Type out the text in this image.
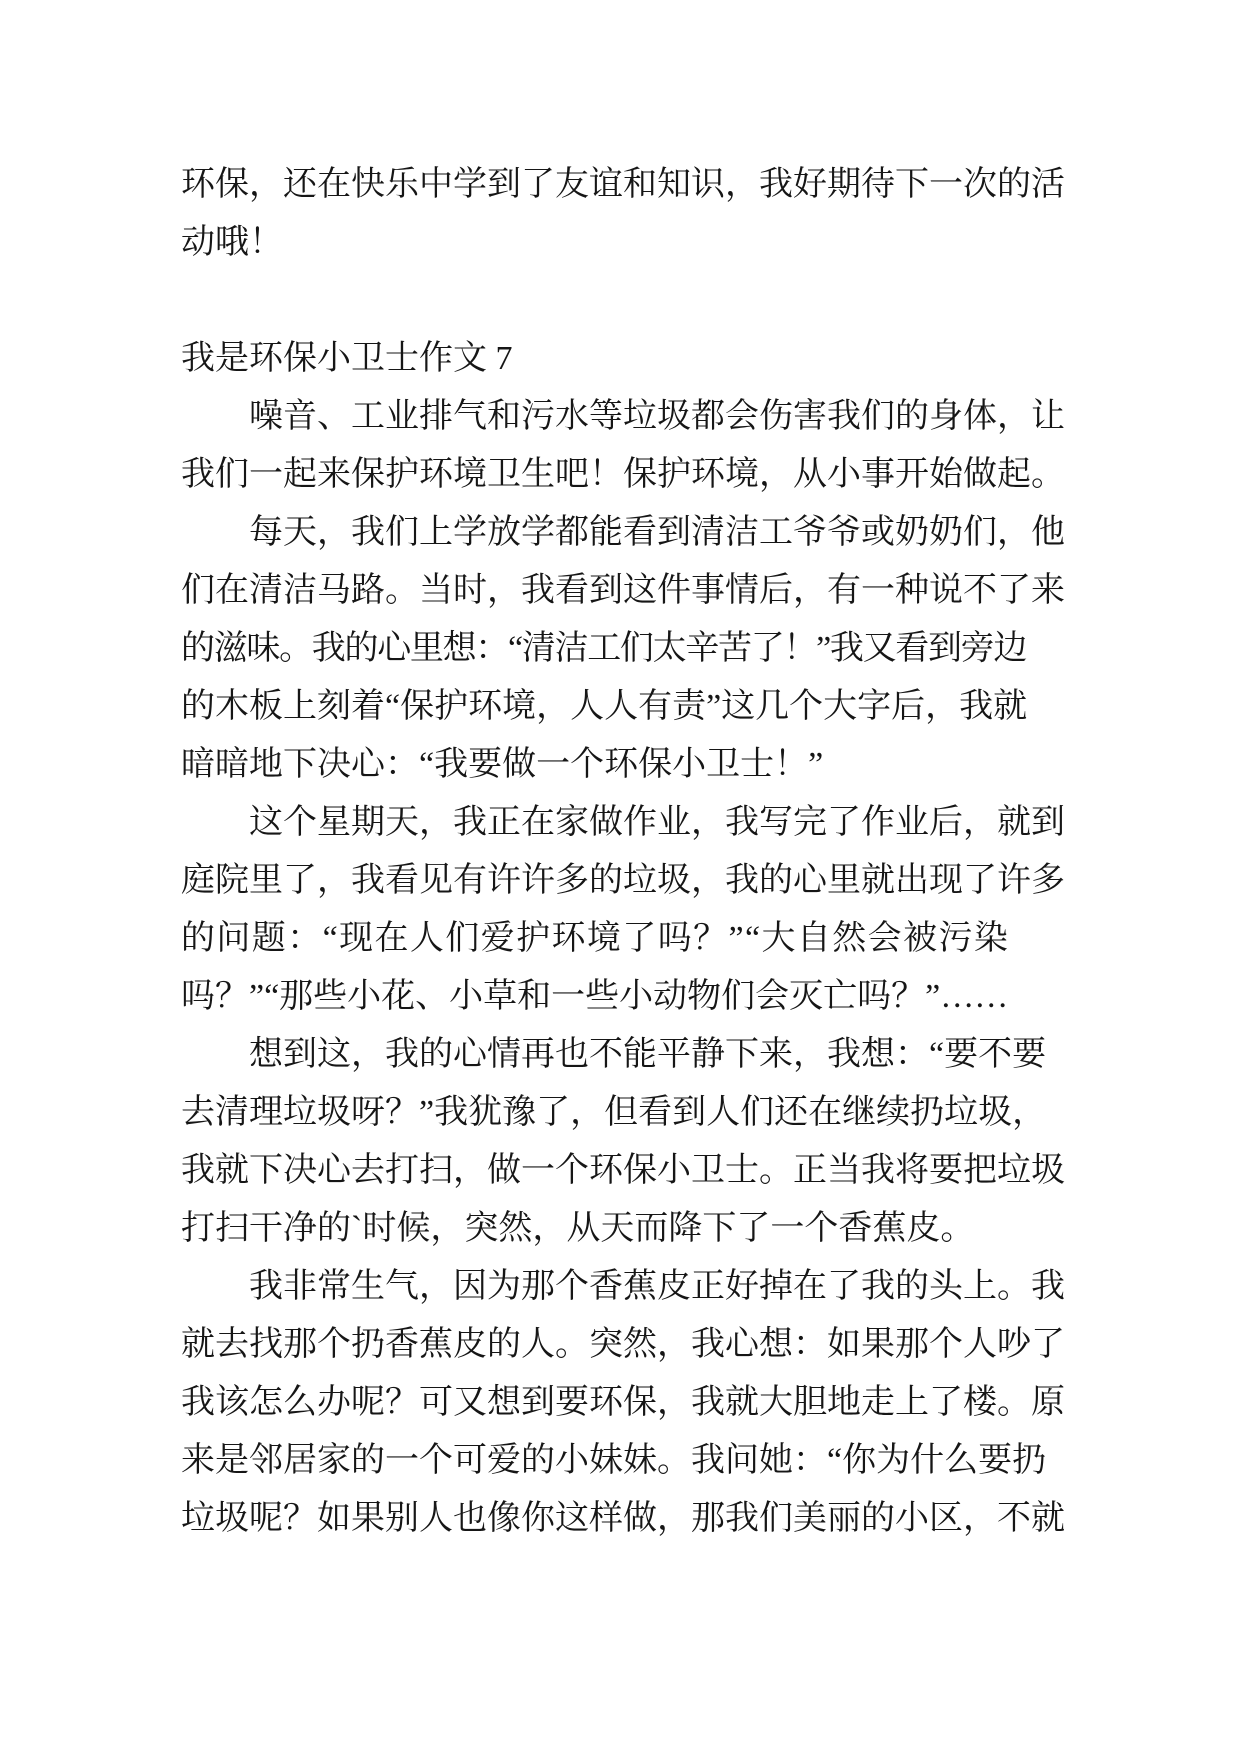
环保，还在快乐中学到了友谊和知识，我好期待下一次的活
动哦！
我是环保小卫士作文 7
噪音、工业排气和污水等垃圾都会伤害我们的身体，让
我们一起来保护环境卫生吧！保护环境，从小事开始做起。
每天，我们上学放学都能看到清洁工爷爷或奶奶们，他
们在清洁马路。当时，我看到这件事情后，有一种说不了来
的滋味。我的心里想：“清洁工们太辛苦了！”我又看到旁边
的木板上刻着“保护环境，人人有责”这几个大字后，我就
暗暗地下决心：“我要做一个环保小卫士！”
这个星期天，我正在家做作业，我写完了作业后，就到
庭院里了，我看见有许许多的垃圾，我的心里就出现了许多
的问题：“现在人们爱护环境了吗？”“大自然会被污染
吗？”“那些小花、小草和一些小动物们会灭亡吗？”……
想到这，我的心情再也不能平静下来，我想：“要不要
去清理垃圾呀？”我犹豫了，但看到人们还在继续扔垃圾，
我就下决心去打扫，做一个环保小卫士。正当我将要把垃圾
打扫干净的`时候，突然，从天而降下了一个香蕉皮。
我非常生气，因为那个香蕉皮正好掉在了我的头上。我
就去找那个扔香蕉皮的人。突然，我心想：如果那个人吵了
我该怎么办呢？可又想到要环保，我就大胆地走上了楼。原
来是邻居家的一个可爱的小妹妹。我问她：“你为什么要扔
垃圾呢？如果别人也像你这样做，那我们美丽的小区，不就
